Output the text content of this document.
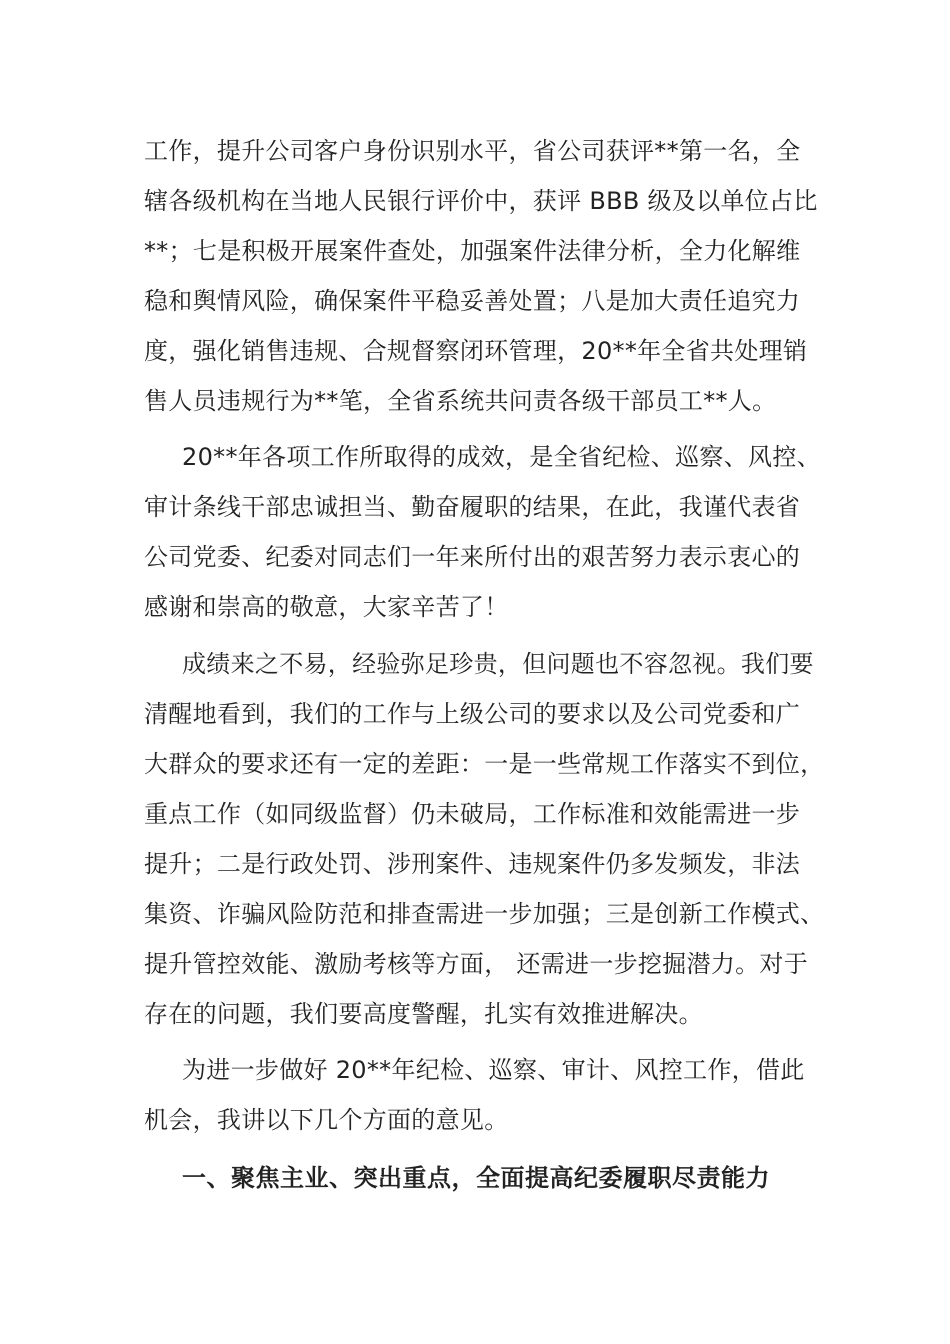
工作，提升公司客户身份识别水平，省公司获评**第一名，全
辖各级机构在当地人民银行评价中，获评 BBB 级及以单位占比
**；七是积极开展案件查处，加强案件法律分析，全力化解维
稳和舆情风险，确保案件平稳妥善处置；八是加大责任追究力
度，强化销售违规、合规督察闭环管理，20**年全省共处理销
售人员违规行为**笔，全省系统共问责各级干部员工**人。
20**年各项工作所取得的成效，是全省纪检、巡察、风控、
审计条线干部忠诚担当、勤奋履职的结果，在此，我谨代表省
公司党委、纪委对同志们一年来所付出的艰苦努力表示衷心的
感谢和崇高的敬意，大家辛苦了！
成绩来之不易，经验弥足珍贵，但问题也不容忽视。我们要
清醒地看到，我们的工作与上级公司的要求以及公司党委和广
大群众的要求还有一定的差距：一是一些常规工作落实不到位，
重点工作（如同级监督）仍未破局，工作标准和效能需进一步
提升；二是行政处罚、涉刑案件、违规案件仍多发频发，非法
集资、诈骗风险防范和排查需进一步加强；三是创新工作模式、
提升管控效能、激励考核等方面， 还需进一步挖掘潜力。对于
存在的问题，我们要高度警醒，扎实有效推进解决。
为进一步做好 20**年纪检、巡察、审计、风控工作，借此
机会，我讲以下几个方面的意见。
一、聚焦主业、突出重点，全面提高纪委履职尽责能力
